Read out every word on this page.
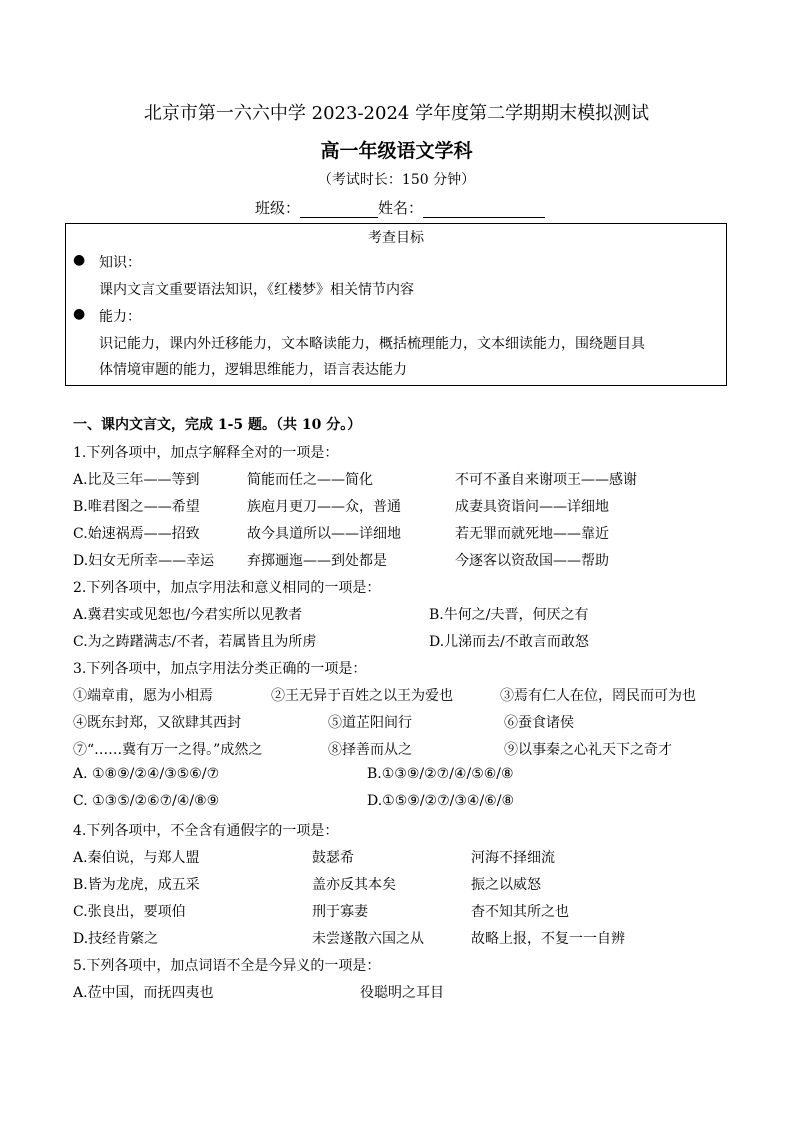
北京市第一六六中学 2023-2024 学年度第二学期期末模拟测试
高一年级语文学科
（考试时长：150 分钟）
班级：	姓名：
考查目标
● 知识：
课内文言文重要语法知识，《红楼梦》相关情节内容
● 能力：
识记能力，课内外迁移能力，文本略读能力，概括梳理能力，文本细读能力，围绕题目具
体情境审题的能力，逻辑思维能力，语言表达能力
一、课内文言文，完成 1-5 题。（共 10 分。）
1.下列各项中，加点字解释全对的一项是：
A.比及三年——等到	简能而任之——简化	不可不蚤自来谢项王——感谢
B.唯君图之——希望	族庖月更刀——众，普通	成妻具资诣问——详细地
C.始速祸焉——招致	故今具道所以——详细地	若无罪而就死地——靠近
D.妇女无所幸——幸运 弃掷逦迤——到处都是	今逐客以资敌国——帮助
2.下列各项中，加点字用法和意义相同的一项是：
A.冀君实或见恕也/今君实所以见教者	B.牛何之/夫晋，何厌之有
C.为之踌躇满志/不者，若属皆且为所虏	D.儿涕而去/不敢言而敢怒
3.下列各项中，加点字用法分类正确的一项是：
①端章甫，愿为小相焉	②王无异于百姓之以王为爱也	③焉有仁人在位，罔民而可为也
④既东封郑，又欲肆其西封	⑤道芷阳间行	⑥蚕食诸侯
⑦“……冀有万一之得。”成然之	⑧择善而从之	⑨以事秦之心礼天下之奇才
A. ①⑧⑨/②④/③⑤⑥/⑦	B.①③⑨/②⑦/④/⑤⑥/⑧
C. ①③⑤/②⑥⑦/④/⑧⑨	D.①⑤⑨/②⑦/③④/⑥/⑧
4.下列各项中，不全含有通假字的一项是：
A.秦伯说，与郑人盟	鼓瑟希	河海不择细流
B.皆为龙虎，成五采	盖亦反其本矣	振之以威怒
C.张良出，要项伯	刑于寡妻	杳不知其所之也
D.技经肯綮之	未尝遂散六国之从	故略上报，不复一一自辨
5.下列各项中，加点词语不全是今异义的一项是：
A.莅中国，而抚四夷也	役聪明之耳目
